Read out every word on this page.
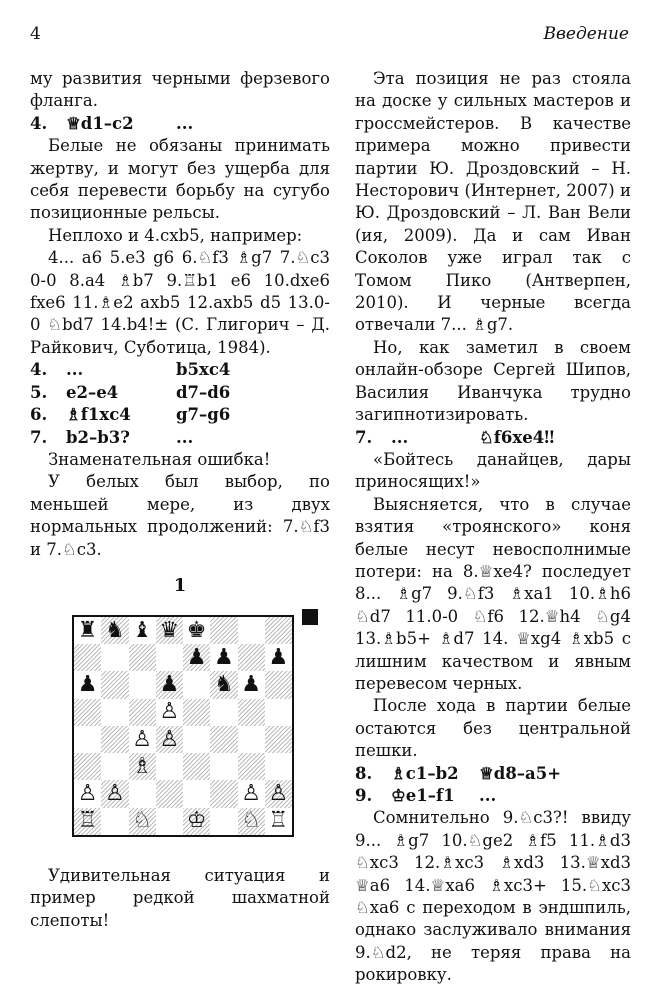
4	Введение

му развития черными ферзевого фланга.

4.	♕d1–c2	...

Белые не обязаны принимать жертву, и могут без ущерба для себя перевести борьбу на сугубо позиционные рельсы.

Неплохо и 4.cxb5, например:

4... a6 5.e3 g6 6.♘f3 ♗g7 7.♘c3 0-0 8.a4 ♗b7 9.♖b1 e6 10.dxe6 fxe6 11.♗e2 axb5 12.axb5 d5 13.0-0 ♘bd7 14.b4!± (С. Глигорич – Д. Райкович, Суботица, 1984).

4.	...	b5xc4
5.	e2–e4	d7–d6
6.	♗f1xc4	g7–g6
7.	b2–b3?	...

Знаменательная ошибка!

У белых был выбор, по меньшей мере, из двух нормальных продолжений: 7.♘f3 и 7.♘c3.

1
♜ ♞ ♝ ♛ ♚
♟ ♟ ♟
♟	♟ ♞ ♟
♙
♙ ♙
♗
♙ ♙	♙ ♙
♖ ♘ ♔ ♘ ♖

Удивительная ситуация и пример редкой шахматной слепоты!

Эта позиция не раз стояла на доске у сильных мастеров и гроссмейстеров. В качестве примера можно привести партии Ю. Дроздовский – Н. Несторович (Интернет, 2007) и Ю. Дроздовский – Л. Ван Вели (ия, 2009). Да и сам Иван Соколов уже играл так с Томом Пико (Антверпен, 2010). И черные всегда отвечали 7... ♗g7.

Но, как заметил в своем онлайн-обзоре Сергей Шипов, Василия Иванчука трудно загипнотизировать.

7.	...	♘f6xe4‼

«Бойтесь данайцев, дары приносящих!»

Выясняется, что в случае взятия «троянского» коня белые несут невосполнимые потери: на 8.♕xe4? последует 8... ♗g7 9.♘f3 ♗xa1 10.♗h6 ♘d7 11.0-0 ♘f6 12.♕h4 ♘g4 13.♗b5+ ♗d7 14. ♕xg4 ♗xb5 с лишним качеством и явным перевесом черных.

После хода в партии белые остаются без центральной пешки.

8.	♗c1–b2	♕d8–a5+
9.	♔e1–f1	...

Сомнительно 9.♘c3?! ввиду 9... ♗g7 10.♘ge2 ♗f5 11.♗d3 ♘xc3 12.♗xc3 ♗xd3 13.♕xd3 ♕a6 14.♕xa6 ♗xc3+ 15.♘xc3 ♘xa6 с переходом в эндшпиль, однако заслуживало внимания 9.♘d2, не теряя права на рокировку.
